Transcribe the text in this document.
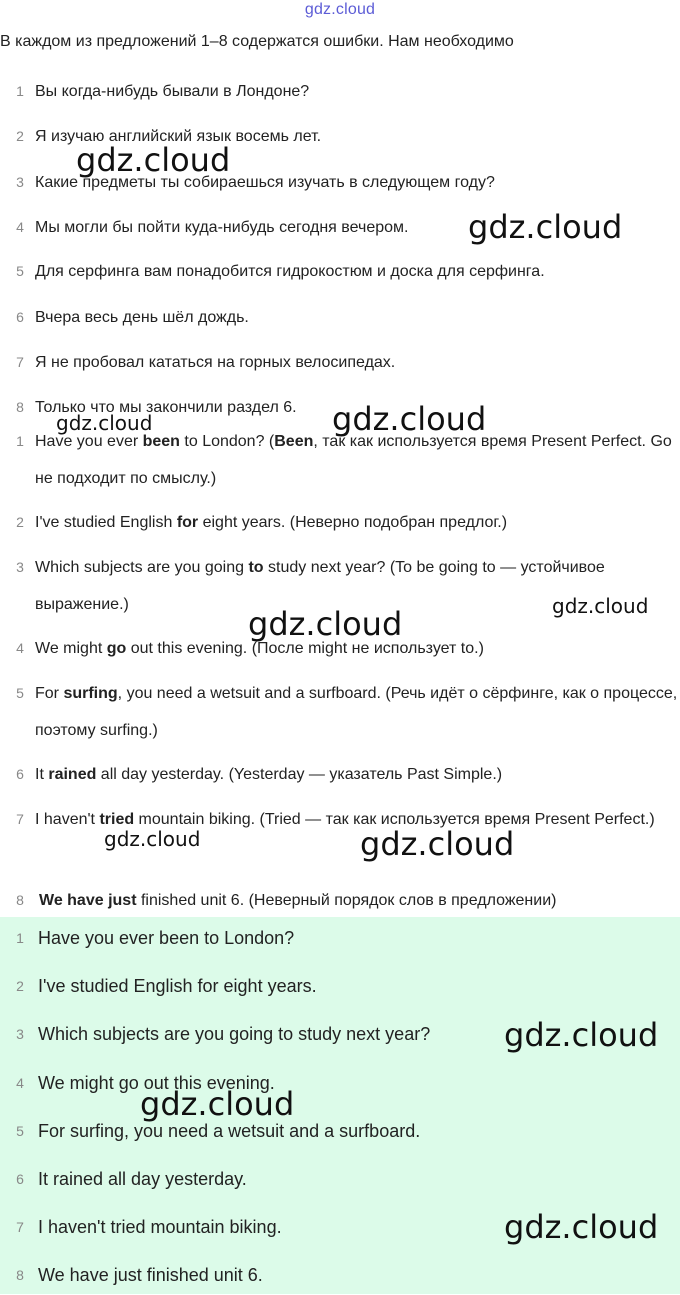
gdz.cloud
В каждом из предложений 1–8 содержатся ошибки. Нам необходимо
1 Вы когда-нибудь бывали в Лондоне?
2 Я изучаю английский язык восемь лет.
3 Какие предметы ты собираешься изучать в следующем году?
4 Мы могли бы пойти куда-нибудь сегодня вечером.
5 Для серфинга вам понадобится гидрокостюм и доска для серфинга.
6 Вчера весь день шёл дождь.
7 Я не пробовал кататься на горных велосипедах.
8 Только что мы закончили раздел 6.
1 Have you ever been to London? (Been, так как используется время Present Perfect. Go не подходит по смыслу.)
2 I've studied English for eight years. (Неверно подобран предлог.)
3 Which subjects are you going to study next year? (To be going to — устойчивое выражение.)
4 We might go out this evening. (После might не использует to.)
5 For surfing, you need a wetsuit and a surfboard. (Речь идёт о сёрфинге, как о процессе, поэтому surfing.)
6 It rained all day yesterday. (Yesterday — указатель Past Simple.)
7 I haven't tried mountain biking. (Tried — так как используется время Present Perfect.)
8 We have just finished unit 6. (Неверный порядок слов в предложении)
1 Have you ever been to London?
2 I've studied English for eight years.
3 Which subjects are you going to study next year?
4 We might go out this evening.
5 For surfing, you need a wetsuit and a surfboard.
6 It rained all day yesterday.
7 I haven't tried mountain biking.
8 We have just finished unit 6.
gdz.cloud
gdz.cloud
gdz.cloud	gdz.cloud
gdz.cloud
gdz.cloud
gdz.cloud	gdz.cloud
gdz.cloud
gdz.cloud
gdz.cloud
